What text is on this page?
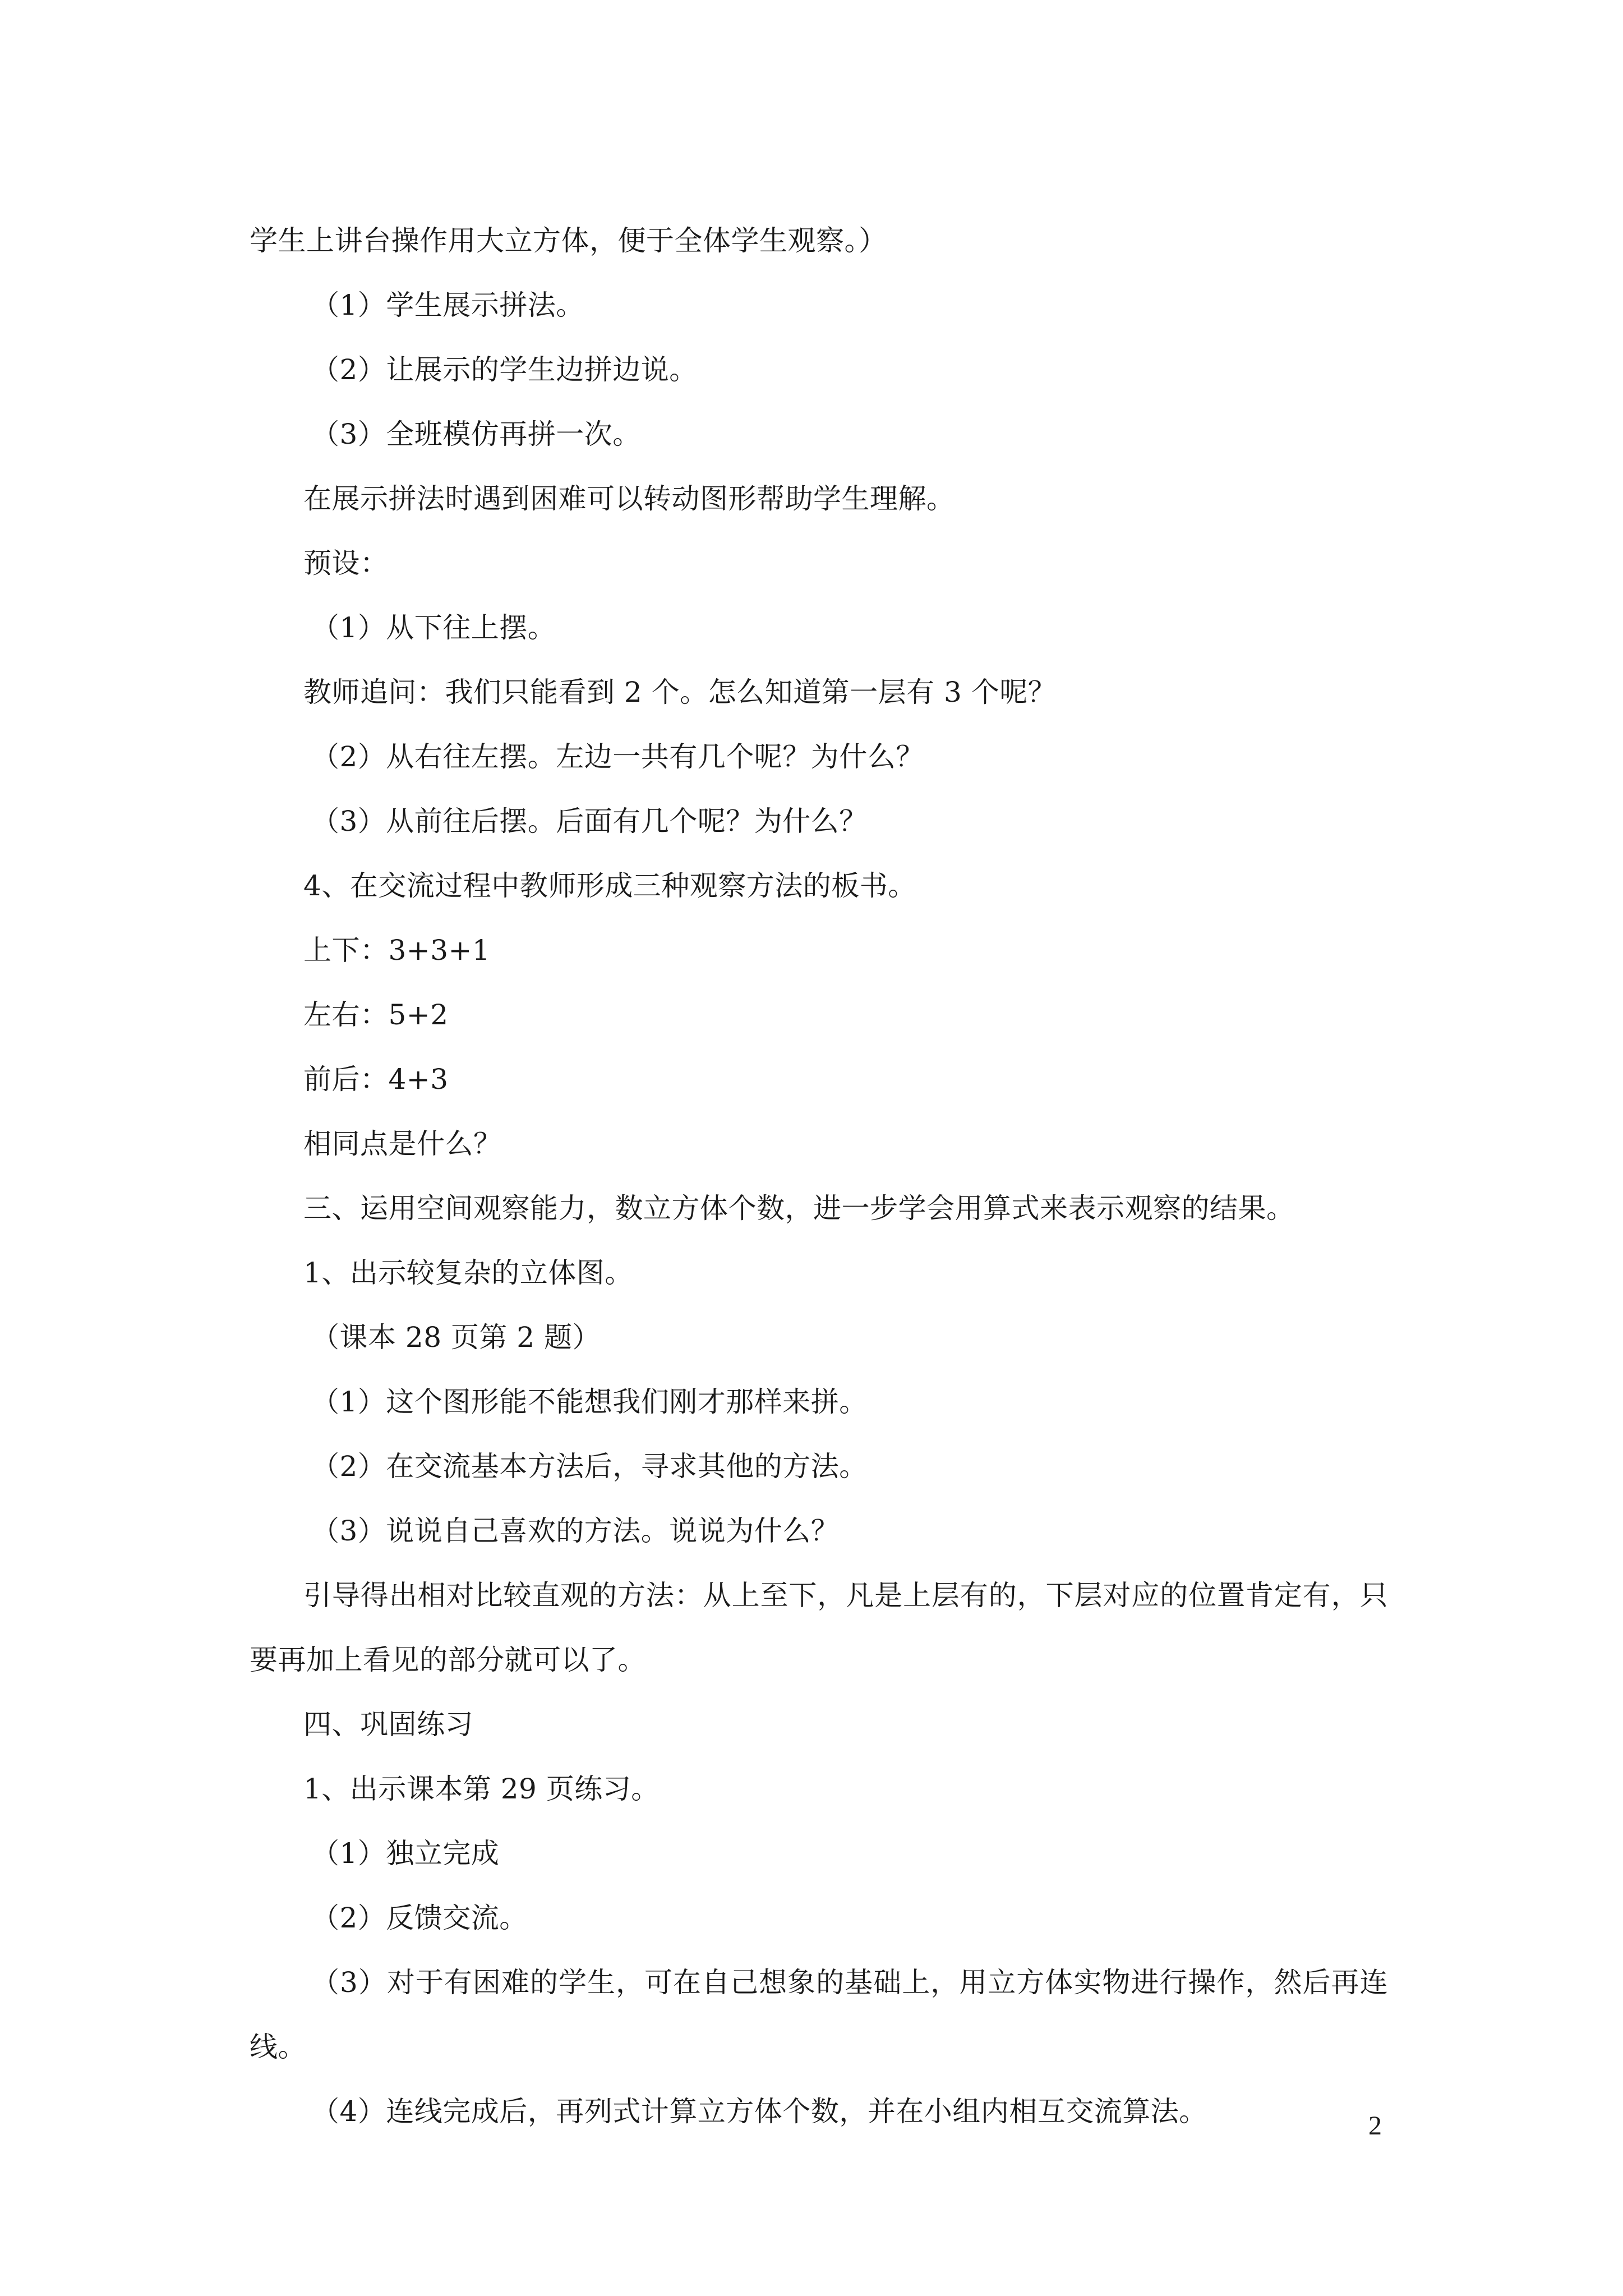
学生上讲台操作用大立方体，便于全体学生观察。）

（1）学生展示拼法。

（2）让展示的学生边拼边说。

（3）全班模仿再拼一次。

在展示拼法时遇到困难可以转动图形帮助学生理解。

预设：

（1）从下往上摆。

教师追问：我们只能看到 2 个。怎么知道第一层有 3 个呢？

（2）从右往左摆。左边一共有几个呢？为什么？

（3）从前往后摆。后面有几个呢？为什么？

4、在交流过程中教师形成三种观察方法的板书。

上下：3+3+1

左右：5+2

前后：4+3

相同点是什么？

三、运用空间观察能力，数立方体个数，进一步学会用算式来表示观察的结果。

1、出示较复杂的立体图。

（课本 28 页第 2 题）

（1）这个图形能不能想我们刚才那样来拼。

（2）在交流基本方法后，寻求其他的方法。

（3）说说自己喜欢的方法。说说为什么？

引导得出相对比较直观的方法：从上至下，凡是上层有的，下层对应的位置肯定有，只要再加上看见的部分就可以了。

四、巩固练习

1、出示课本第 29 页练习。

（1）独立完成

（2）反馈交流。

（3）对于有困难的学生，可在自己想象的基础上，用立方体实物进行操作，然后再连线。

（4）连线完成后，再列式计算立方体个数，并在小组内相互交流算法。	2
